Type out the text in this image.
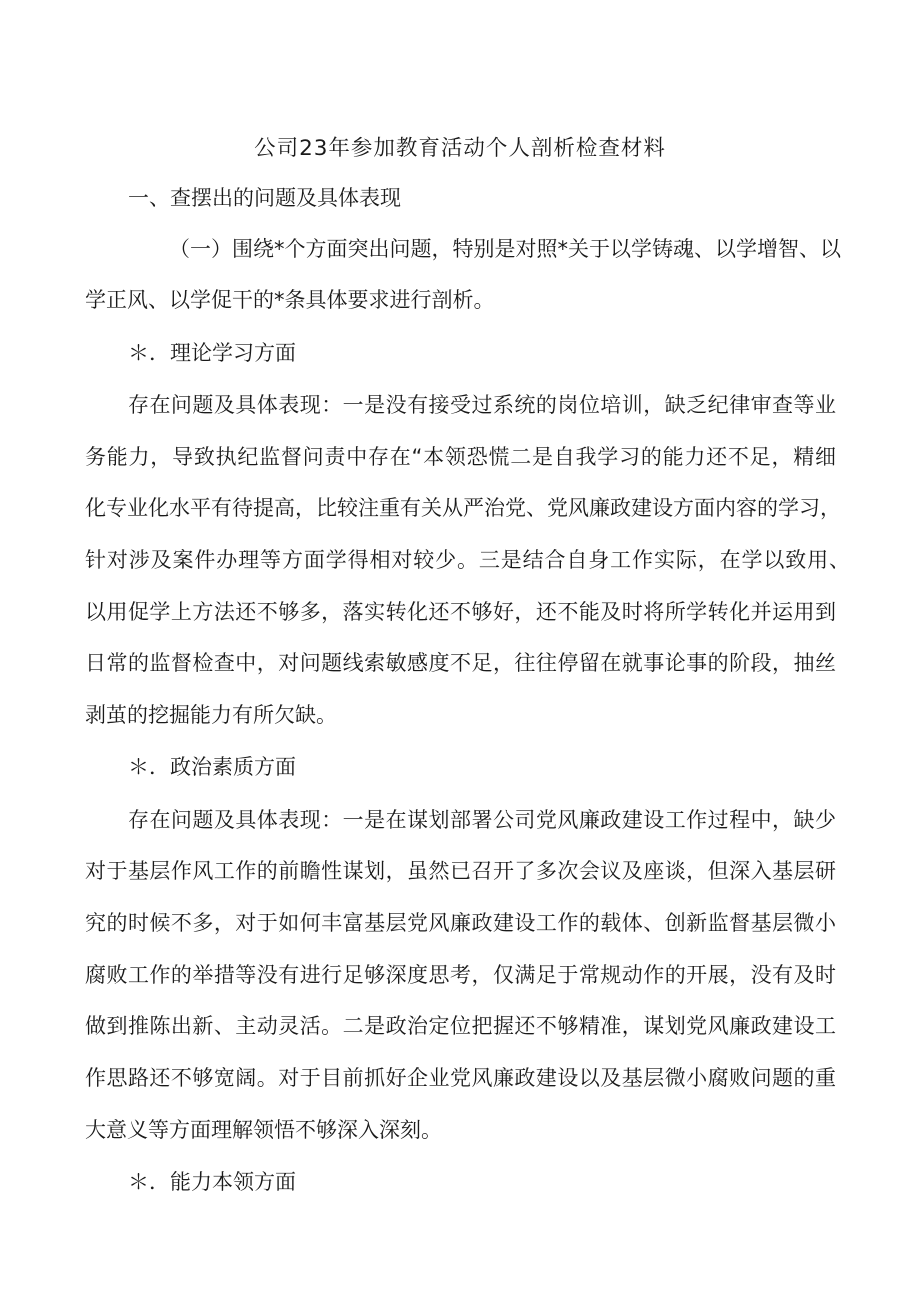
公司23年参加教育活动个人剖析检查材料
一、查摆出的问题及具体表现
（一）围绕*个方面突出问题，特别是对照*关于以学铸魂、以学增智、以
学正风、以学促干的*条具体要求进行剖析。
＊．理论学习方面
存在问题及具体表现：一是没有接受过系统的岗位培训，缺乏纪律审查等业
务能力，导致执纪监督问责中存在“本领恐慌二是自我学习的能力还不足，精细
化专业化水平有待提高，比较注重有关从严治党、党风廉政建设方面内容的学习，
针对涉及案件办理等方面学得相对较少。三是结合自身工作实际，在学以致用、
以用促学上方法还不够多，落实转化还不够好，还不能及时将所学转化并运用到
日常的监督检查中，对问题线索敏感度不足，往往停留在就事论事的阶段，抽丝
剥茧的挖掘能力有所欠缺。
＊．政治素质方面
存在问题及具体表现：一是在谋划部署公司党风廉政建设工作过程中，缺少
对于基层作风工作的前瞻性谋划，虽然已召开了多次会议及座谈，但深入基层研
究的时候不多，对于如何丰富基层党风廉政建设工作的载体、创新监督基层微小
腐败工作的举措等没有进行足够深度思考，仅满足于常规动作的开展，没有及时
做到推陈出新、主动灵活。二是政治定位把握还不够精准，谋划党风廉政建设工
作思路还不够宽阔。对于目前抓好企业党风廉政建设以及基层微小腐败问题的重
大意义等方面理解领悟不够深入深刻。
＊．能力本领方面
